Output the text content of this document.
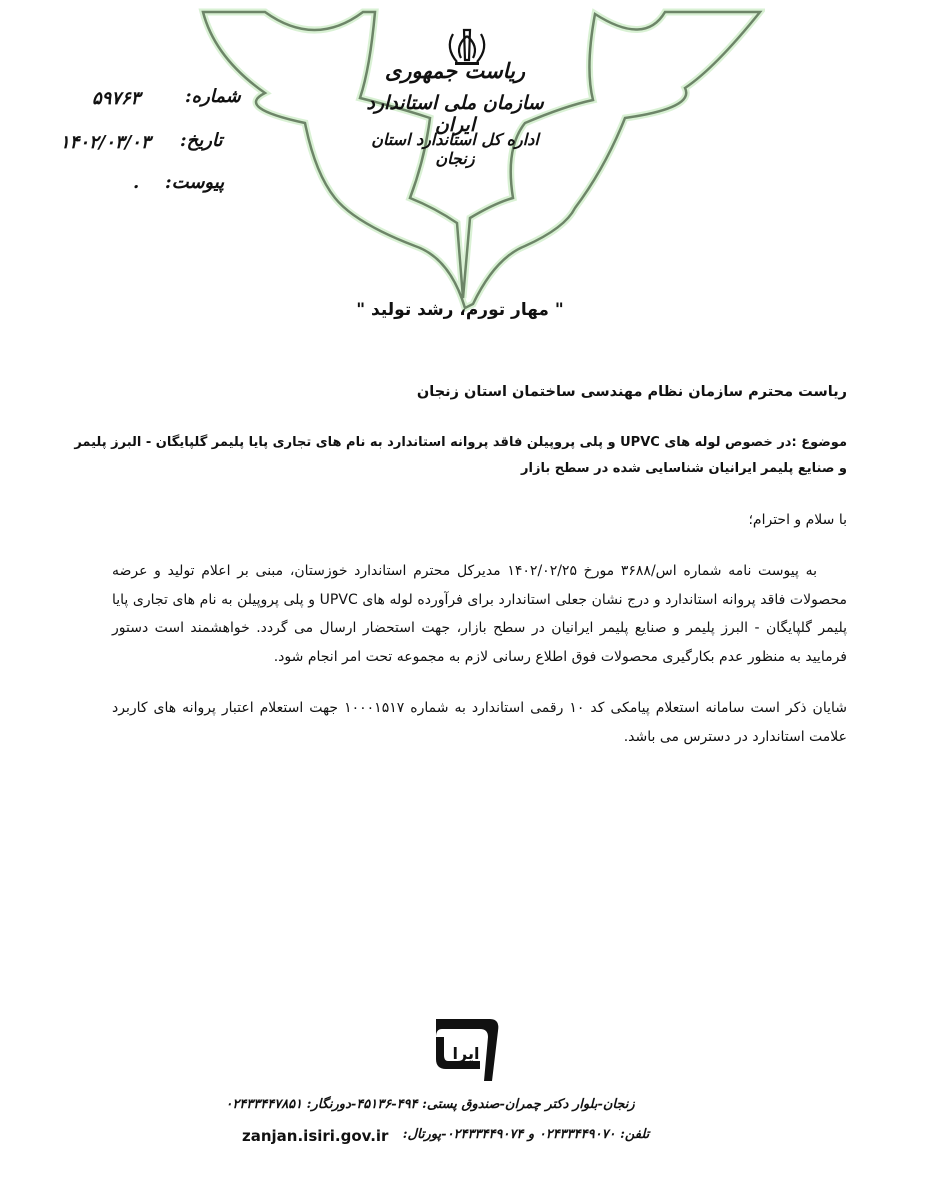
ریاست جمهوری
سازمان ملی استاندارد ایران
اداره کل استاندارد استان زنجان
شماره:
۵۹۷۶۳
تاریخ:
۱۴۰۲/۰۳/۰۳
پیوست:
.
" مهار تورم، رشد تولید "
ریاست محترم سازمان نظام مهندسی ساختمان استان زنجان
موضوع :در خصوص لوله های UPVC و پلی پروپیلن فاقد پروانه استاندارد به نام های تجاری پایا پلیمر گلپایگان - البرز پلیمر و صنایع پلیمر ایرانیان شناسایی شده در سطح بازار
با سلام و احترام؛
به پیوست نامه شماره اس/۳۶۸۸ مورخ ۱۴۰۲/۰۲/۲۵ مدیرکل محترم استاندارد خوزستان، مبنی بر اعلام تولید و عرضه محصولات فاقد پروانه استاندارد و درج نشان جعلی استاندارد برای فرآورده لوله های UPVC و پلی پروپیلن به نام های تجاری پایا پلیمر گلپایگان - البرز پلیمر و صنایع پلیمر ایرانیان در سطح بازار، جهت استحضار ارسال می گردد. خواهشمند است دستور فرمایید به منظور عدم بکارگیری محصولات فوق اطلاع رسانی لازم به مجموعه تحت امر انجام شود.
شایان ذکر است سامانه استعلام پیامکی کد ۱۰ رقمی استاندارد به شماره ۱۰۰۰۱۵۱۷ جهت استعلام اعتبار پروانه های کاربرد علامت استاندارد در دسترس می باشد.
ایرا
زنجان-بلوار دکتر چمران-صندوق پستی: ۴۹۴-۴۵۱۳۶-دورنگار: ۰۲۴۳۳۴۴۷۸۵۱
تلفن: ۰۲۴۳۳۴۴۹۰۷۰ و ۰۲۴۳۳۴۴۹۰۷۴-پورتال:
zanjan.isiri.gov.ir
